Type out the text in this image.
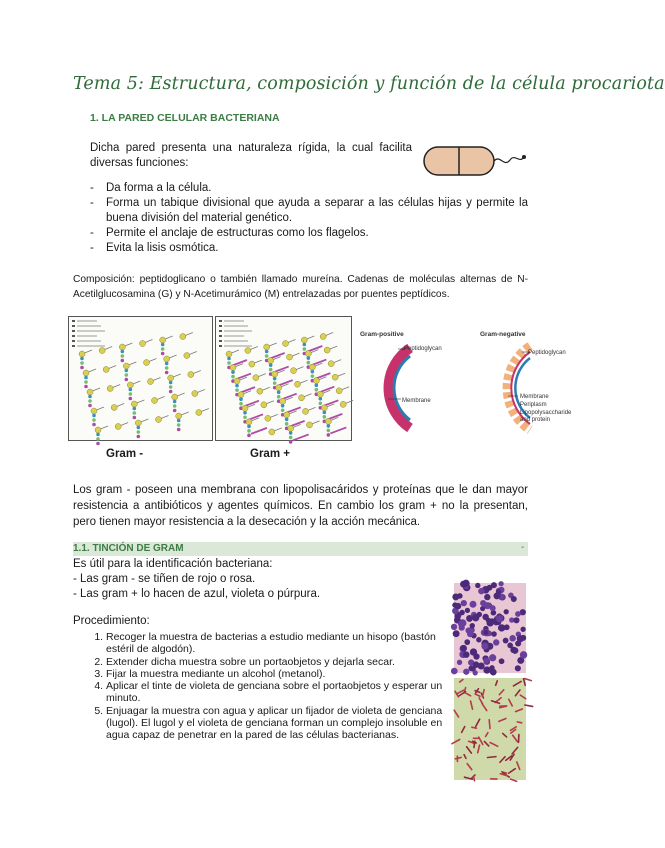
Tema 5: Estructura, composición y función de la célula procariota
1. LA PARED CELULAR BACTERIANA
Dicha pared presenta una naturaleza rígida, la cual facilita diversas funciones:
- Da forma a la célula.
- Forma un tabique divisional que ayuda a separar a las células hijas y permite la buena división del material genético.
- Permite el anclaje de estructuras como los flagelos.
- Evita la lisis osmótica.
Composición: peptidoglicano o también llamado mureína. Cadenas de moléculas alternas de N-Acetilglucosamina (G) y N-Acetimurámico (M) entrelazadas por puentes peptídicos.
Gram -	Gram +
Gram-positive
Peptidoglycan
Membrane
Gram-negative
Peptidoglycan
Membrane
Periplasm
Lipopolysaccharide
and protein
Los gram - poseen una membrana con lipopolisacáridos y proteínas que le dan mayor resistencia a antibióticos y agentes químicos. En cambio los gram + no la presentan, pero tienen mayor resistencia a la desecación y la acción mecánica.
1.1. TINCIÓN DE GRAM	-
Es útil para la identificación bacteriana:
- Las gram - se tiñen de rojo o rosa.
- Las gram + lo hacen de azul, violeta o púrpura.
Procedimiento:
1. Recoger la muestra de bacterias a estudio mediante un hisopo (bastón estéril de algodón).
2. Extender dicha muestra sobre un portaobjetos y dejarla secar.
3. Fijar la muestra mediante un alcohol (metanol).
4. Aplicar el tinte de violeta de genciana sobre el portaobjetos y esperar un minuto.
5. Enjuagar la muestra con agua y aplicar un fijador de violeta de genciana (lugol). El lugol y el violeta de genciana forman un complejo insoluble en agua capaz de penetrar en la pared de las células bacterianas.
